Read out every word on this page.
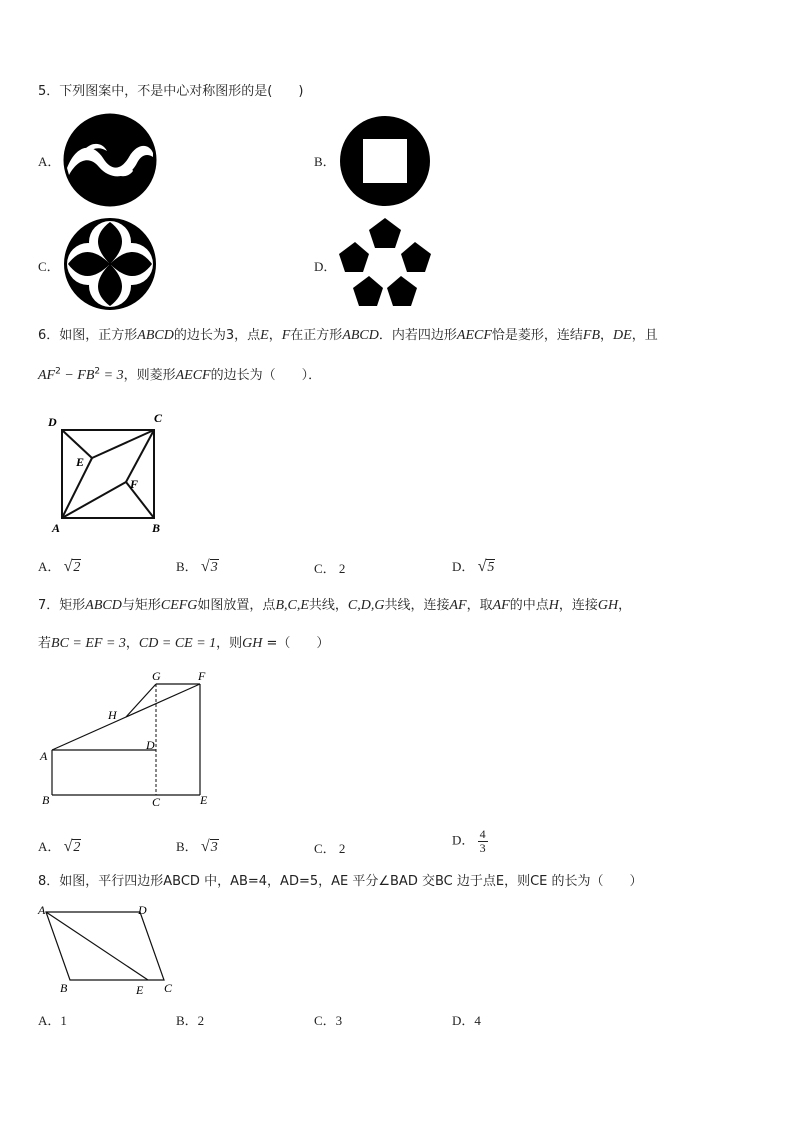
5．下列图案中，不是中心对称图形的是(　　)
A．	B．
C．	D．
6．如图，正方形ABCD的边长为3，点E，F在正方形ABCD．内若四边形AECF恰是菱形，连结FB，DE，且
$AF^2 - FB^2 = 3$，则菱形AECF的边长为（　　）．
D	C
E
F
A	B
A． √2	B． √3	C． 2	D． √5
7．矩形ABCD与矩形CEFG如图放置，点B,C,E共线，C,D,G共线，连接AF，取AF的中点H，连接GH，
若BC = EF = 3，CD = CE = 1，则GH =（　　）
G	F
H
D
A
B	C	E
A． √2	B． √3	C． 2
D． $\frac{4}{3}$
8．如图，平行四边形ABCD 中，AB=4，AD=5，AE 平分∠BAD 交BC 边于点E，则CE 的长为（　　）
A	D
B	E C
A．1	B．2	C．3	D．4
